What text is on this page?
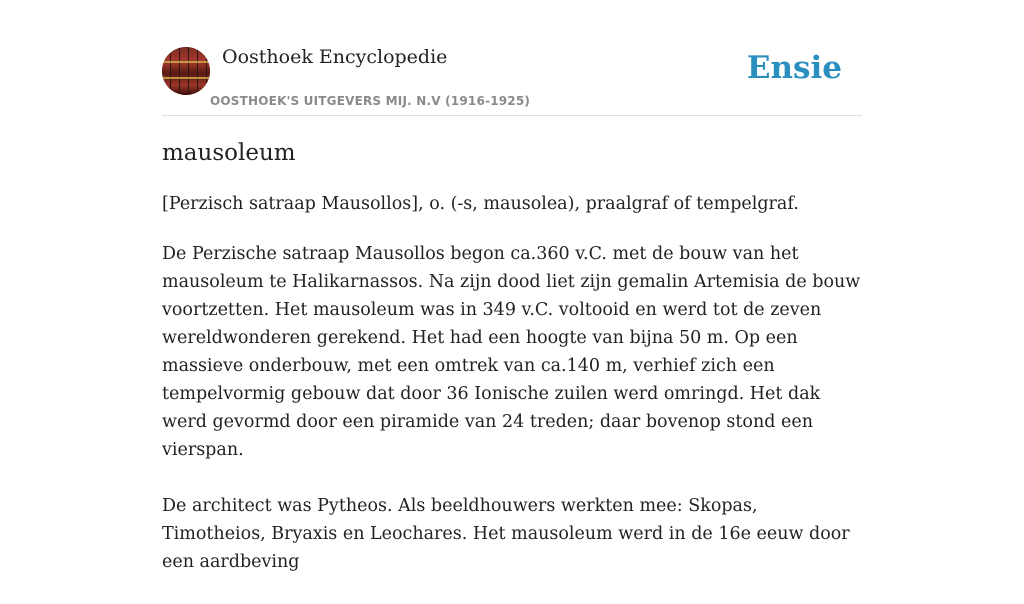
Oosthoek Encyclopedie
OOSTHOEK'S UITGEVERS MIJ. N.V (1916-1925)
Ensie
mausoleum
[Perzisch satraap Mausollos], o. (-s, mausolea), praalgraf of tempelgraf.

De Perzische satraap Mausollos begon ca.360 v.C. met de bouw van het mausoleum te Halikarnassos. Na zijn dood liet zijn gemalin Artemisia de bouw voortzetten. Het mausoleum was in 349 v.C. voltooid en werd tot de zeven wereldwonderen gerekend. Het had een hoogte van bijna 50 m. Op een massieve onderbouw, met een omtrek van ca.140 m, verhief zich een tempelvormig gebouw dat door 36 Ionische zuilen werd omringd. Het dak werd gevormd door een piramide van 24 treden; daar bovenop stond een vierspan.

De architect was Pytheos. Als beeldhouwers werkten mee: Skopas, Timotheios, Bryaxis en Leochares. Het mausoleum werd in de 16e eeuw door een aardbeving
